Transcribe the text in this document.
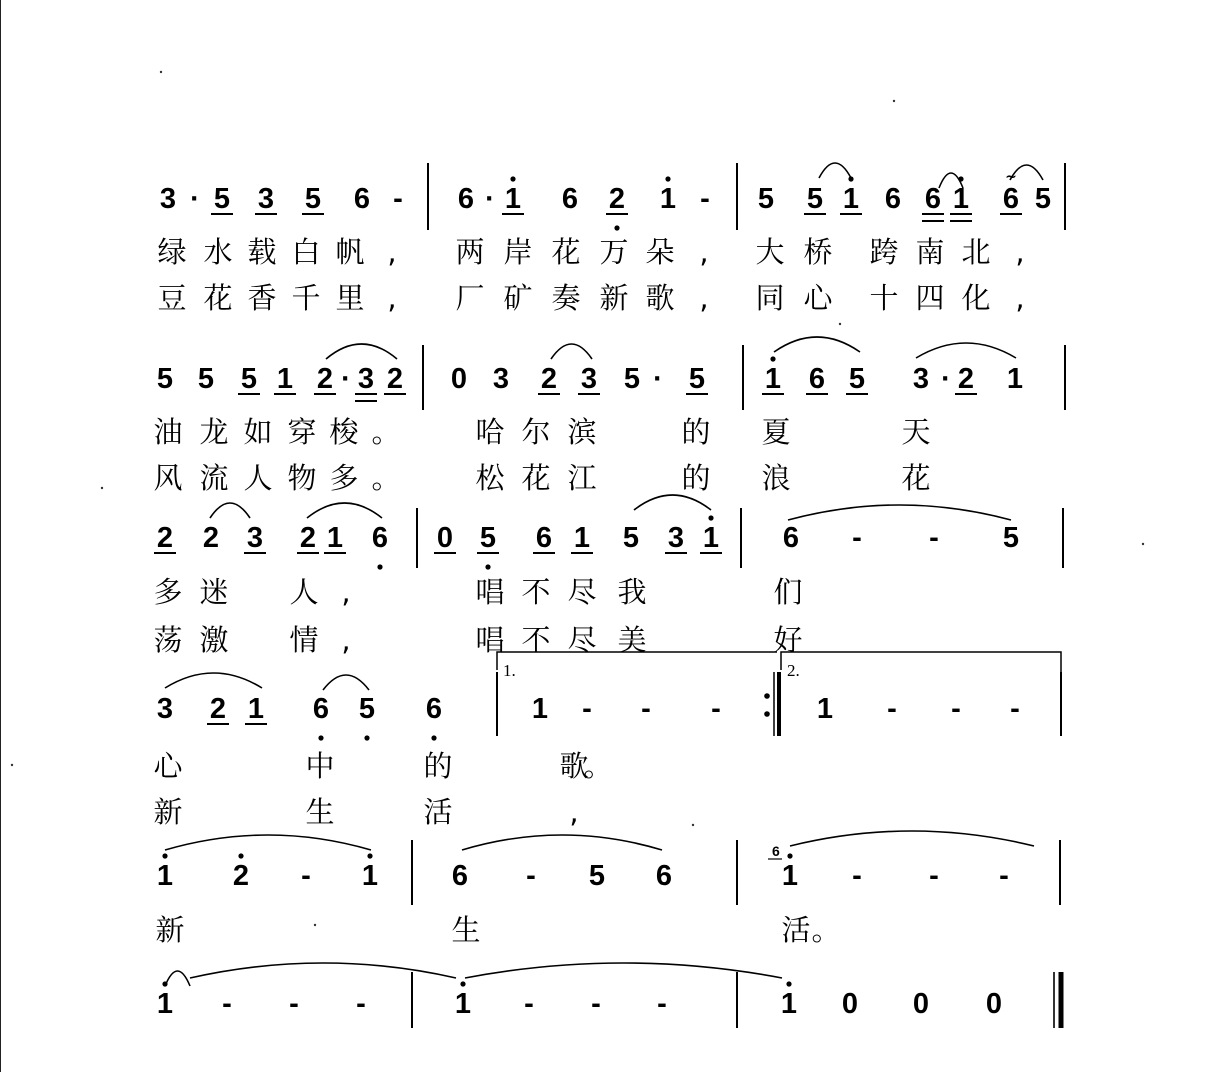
3 · 5 3 5 6 - 6 · 1 6 2 1 - 5 5 1 6 6 1 6
~
5
绿 水 载 白 帆 , 两 岸 花 万 朵 , 大 桥 跨 南 北 ,
豆 花 香 千 里 , 厂 矿 奏 新 歌 , 同 心 十 四 化 ,
5 5 5 1 2 · 3 2 0 3 2 3 5 · 5 1 6 5 3 · 2 1
油 龙 如 穿 梭 。	哈 尔 滨	的 夏	天
风 流 人 物 多 。	松 花 江	的 浪	花
2 2 3 2 1 6 0 5 6 1 5 3 1 6 - - 5
多 迷 人 ,	唱 不 尽 我	们
荡 激 情 ,	唱 不 尽 美	好
3 2 1 6 5 6	1 - - -	1 - - -
心	中	的	歌
。
新	生	活	,
1.	2.
1 2 - 1	6 - 5 6	1 - - -
新	生	活 。
6
1 - - -	1 - - -	1 0 0 0
